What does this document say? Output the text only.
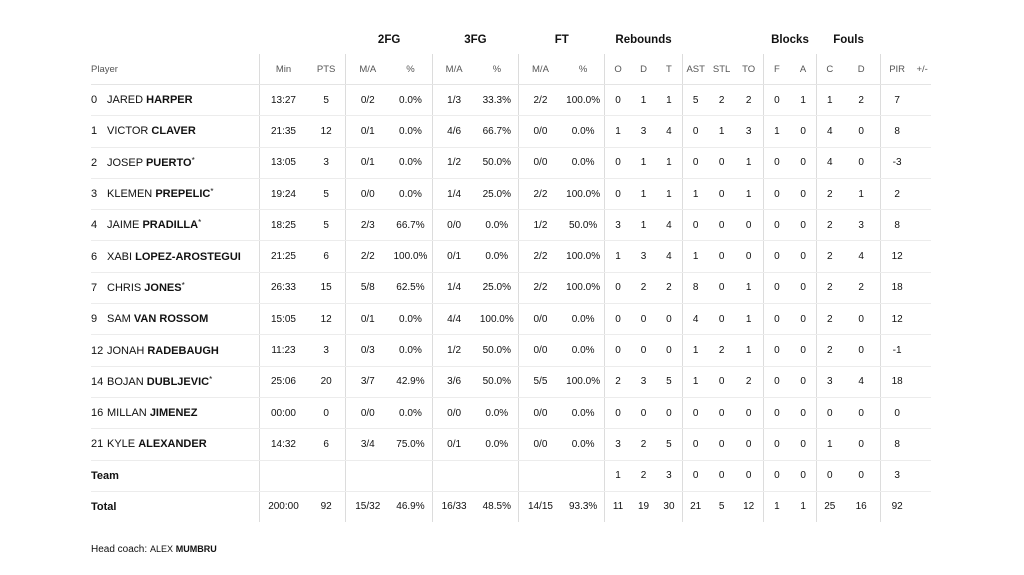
			2FG		3FG		FT		Rebounds						Blocks		Fouls			
Player	Min	PTS	M/A	%	M/A	%	M/A	%	O	D	T	AST	STL	TO	F	A	C	D	PIR	+/-
0 JARED HARPER	13:27	5	0/2	0.0%	1/3	33.3%	2/2	100.0%	0	1	1	5	2	2	0	1	1	2	7	
1 VICTOR CLAVER	21:35	12	0/1	0.0%	4/6	66.7%	0/0	0.0%	1	3	4	0	1	3	1	0	4	0	8	
2 JOSEP PUERTO*	13:05	3	0/1	0.0%	1/2	50.0%	0/0	0.0%	0	1	1	0	0	1	0	0	4	0	-3	
3 KLEMEN PREPELIC*	19:24	5	0/0	0.0%	1/4	25.0%	2/2	100.0%	0	1	1	1	0	1	0	0	2	1	2	
4 JAIME PRADILLA*	18:25	5	2/3	66.7%	0/0	0.0%	1/2	50.0%	3	1	4	0	0	0	0	0	2	3	8	
6 XABI LOPEZ-AROSTEGUI	21:25	6	2/2	100.0%	0/1	0.0%	2/2	100.0%	1	3	4	1	0	0	0	0	2	4	12	
7 CHRIS JONES*	26:33	15	5/8	62.5%	1/4	25.0%	2/2	100.0%	0	2	2	8	0	1	0	0	2	2	18	
9 SAM VAN ROSSOM	15:05	12	0/1	0.0%	4/4	100.0%	0/0	0.0%	0	0	0	4	0	1	0	0	2	0	12	
12 JONAH RADEBAUGH	11:23	3	0/3	0.0%	1/2	50.0%	0/0	0.0%	0	0	0	1	2	1	0	0	2	0	-1	
14 BOJAN DUBLJEVIC*	25:06	20	3/7	42.9%	3/6	50.0%	5/5	100.0%	2	3	5	1	0	2	0	0	3	4	18	
16 MILLAN JIMENEZ	00:00	0	0/0	0.0%	0/0	0.0%	0/0	0.0%	0	0	0	0	0	0	0	0	0	0	0	
21 KYLE ALEXANDER	14:32	6	3/4	75.0%	0/1	0.0%	0/0	0.0%	3	2	5	0	0	0	0	0	1	0	8	
Team									1	2	3	0	0	0	0	0	0	0	3	
Total	200:00	92	15/32	46.9%	16/33	48.5%	14/15	93.3%	11	19	30	21	5	12	1	1	25	16	92	
Head coach: ALEX MUMBRU
